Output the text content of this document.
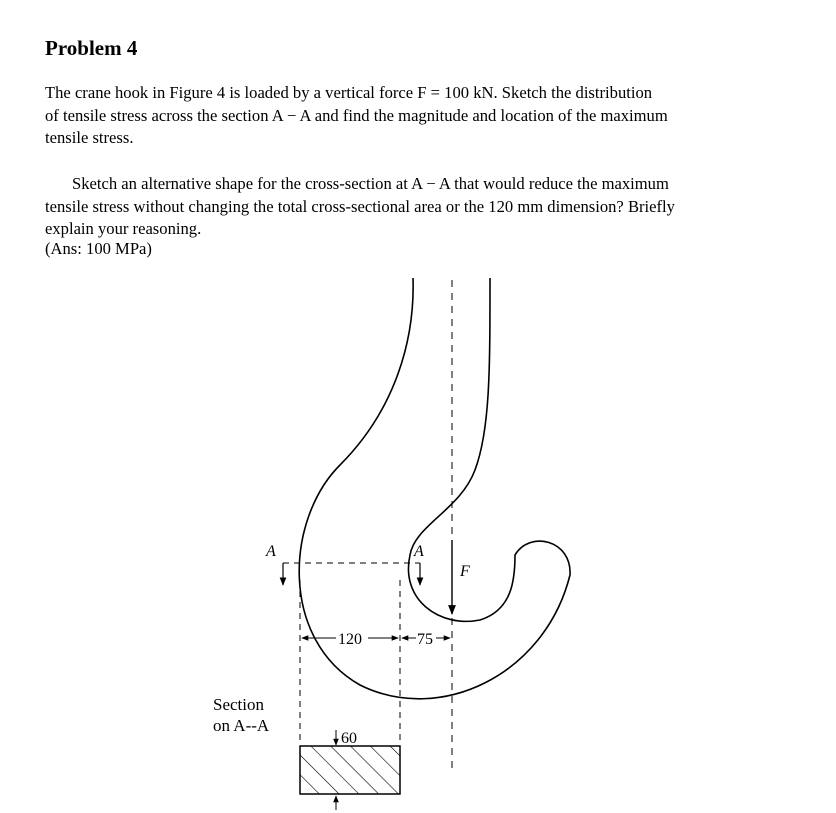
Problem 4
The crane hook in Figure 4 is loaded by a vertical force F = 100 kN. Sketch the distribution
of tensile stress across the section A − A and find the magnitude and location of the maximum
tensile stress.
Sketch an alternative shape for the cross-section at A − A that would reduce the maximum
tensile stress without changing the total cross-sectional area or the 120 mm dimension? Briefly
explain your reasoning.
(Ans: 100 MPa)
F
A	A
120	75
60
Section
on A--A
